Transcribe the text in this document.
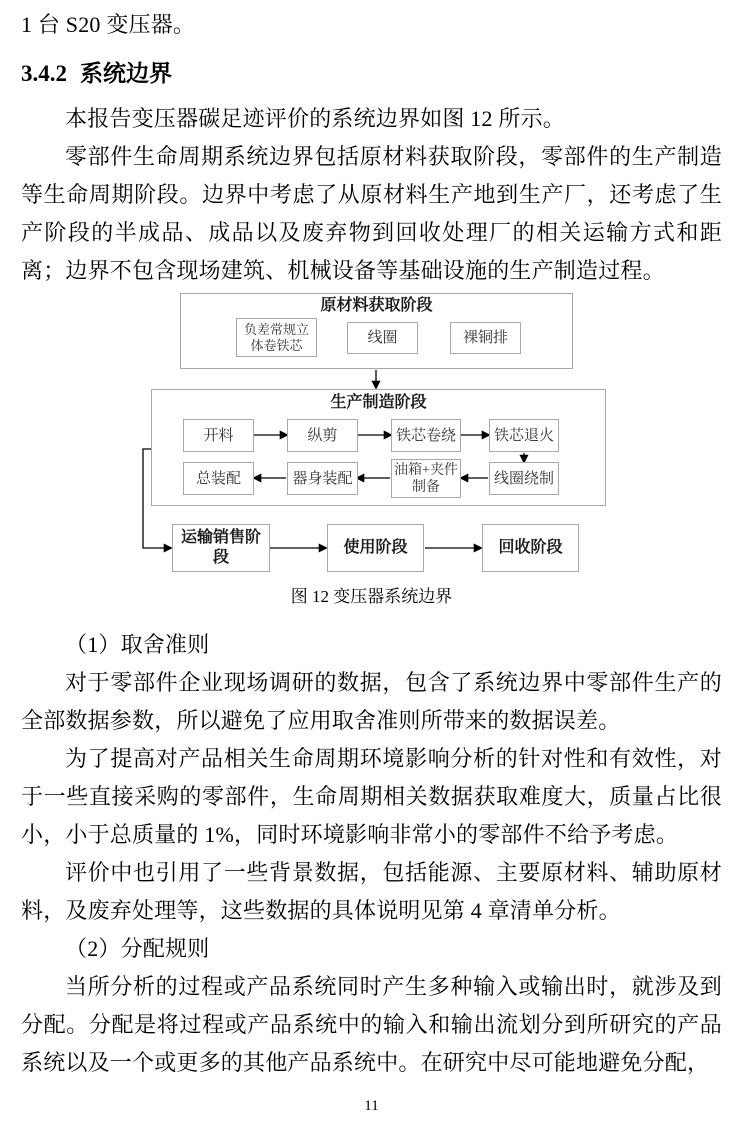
1 台 S20 变压器。

3.4.2 系统边界

本报告变压器碳足迹评价的系统边界如图 12 所示。

零部件生命周期系统边界包括原材料获取阶段，零部件的生产制造等生命周期阶段。边界中考虑了从原材料生产地到生产厂，还考虑了生产阶段的半成品、成品以及废弃物到回收处理厂的相关运输方式和距离；边界不包含现场建筑、机械设备等基础设施的生产制造过程。

原材料获取阶段
负差常规立体卷铁芯	线圈	裸铜排
生产制造阶段
开料	纵剪	铁芯卷绕	铁芯退火
总装配	器身装配
油箱+夹件制备
线圈绕制
运输销售阶段
使用阶段	回收阶段
图 12 变压器系统边界

（1）取舍准则

对于零部件企业现场调研的数据，包含了系统边界中零部件生产的全部数据参数，所以避免了应用取舍准则所带来的数据误差。

为了提高对产品相关生命周期环境影响分析的针对性和有效性，对于一些直接采购的零部件，生命周期相关数据获取难度大，质量占比很小，小于总质量的 1%，同时环境影响非常小的零部件不给予考虑。

评价中也引用了一些背景数据，包括能源、主要原材料、辅助原材料，及废弃处理等，这些数据的具体说明见第 4 章清单分析。

（2）分配规则

当所分析的过程或产品系统同时产生多种输入或输出时，就涉及到分配。分配是将过程或产品系统中的输入和输出流划分到所研究的产品系统以及一个或更多的其他产品系统中。在研究中尽可能地避免分配，

11
